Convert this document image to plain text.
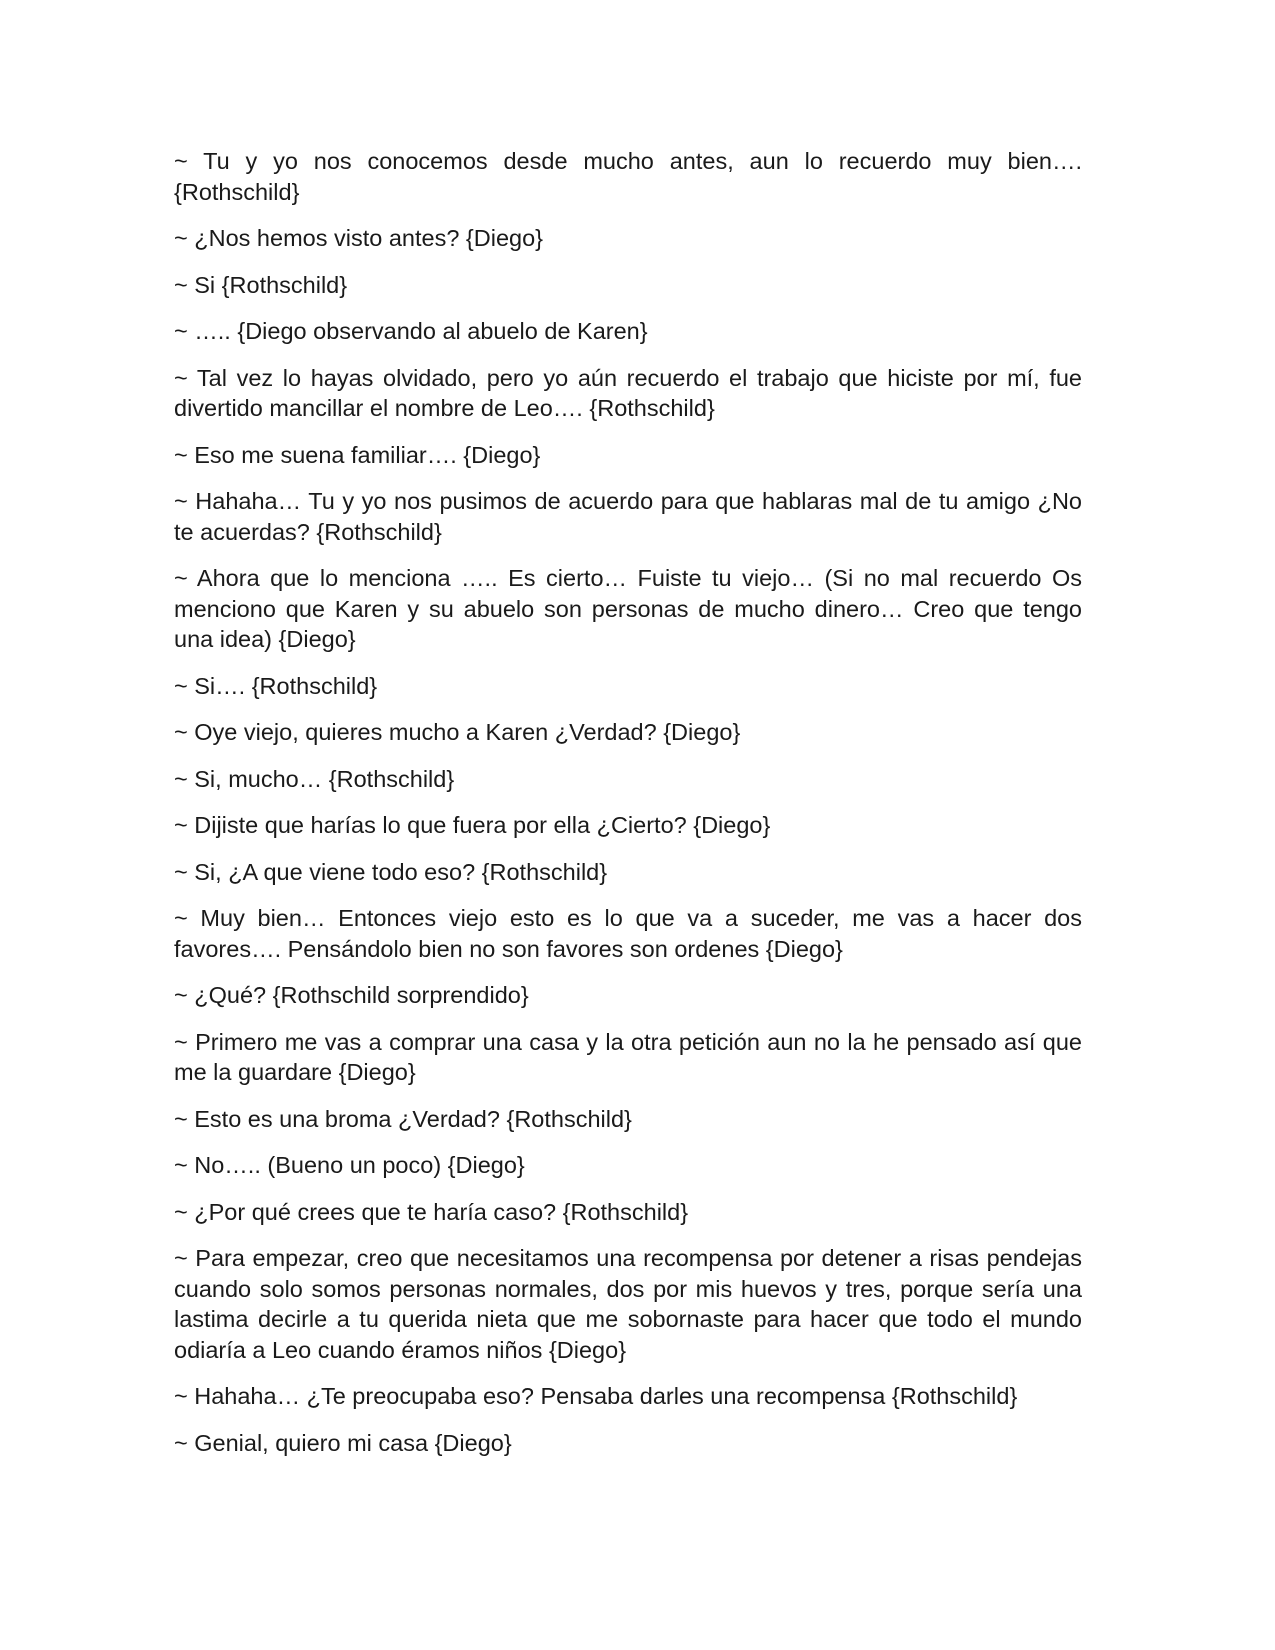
~ Tu y yo nos conocemos desde mucho antes, aun lo recuerdo muy bien…. {Rothschild}

~ ¿Nos hemos visto antes? {Diego}

~ Si {Rothschild}

~ ….. {Diego observando al abuelo de Karen}

~ Tal vez lo hayas olvidado, pero yo aún recuerdo el trabajo que hiciste por mí, fue divertido mancillar el nombre de Leo…. {Rothschild}

~ Eso me suena familiar…. {Diego}

~ Hahaha… Tu y yo nos pusimos de acuerdo para que hablaras mal de tu amigo ¿No te acuerdas? {Rothschild}

~ Ahora que lo menciona ….. Es cierto… Fuiste tu viejo… (Si no mal recuerdo Os menciono que Karen y su abuelo son personas de mucho dinero… Creo que tengo una idea) {Diego}

~ Si…. {Rothschild}

~ Oye viejo, quieres mucho a Karen ¿Verdad? {Diego}

~ Si, mucho… {Rothschild}

~ Dijiste que harías lo que fuera por ella ¿Cierto? {Diego}

~ Si, ¿A que viene todo eso? {Rothschild}

~ Muy bien… Entonces viejo esto es lo que va a suceder, me vas a hacer dos favores…. Pensándolo bien no son favores son ordenes {Diego}

~ ¿Qué? {Rothschild sorprendido}

~ Primero me vas a comprar una casa y la otra petición aun no la he pensado así que me la guardare {Diego}

~ Esto es una broma ¿Verdad? {Rothschild}

~ No….. (Bueno un poco) {Diego}

~ ¿Por qué crees que te haría caso? {Rothschild}

~ Para empezar, creo que necesitamos una recompensa por detener a risas pendejas cuando solo somos personas normales, dos por mis huevos y tres, porque sería una lastima decirle a tu querida nieta que me sobornaste para hacer que todo el mundo odiaría a Leo cuando éramos niños {Diego}

~ Hahaha… ¿Te preocupaba eso? Pensaba darles una recompensa {Rothschild}

~ Genial, quiero mi casa {Diego}
